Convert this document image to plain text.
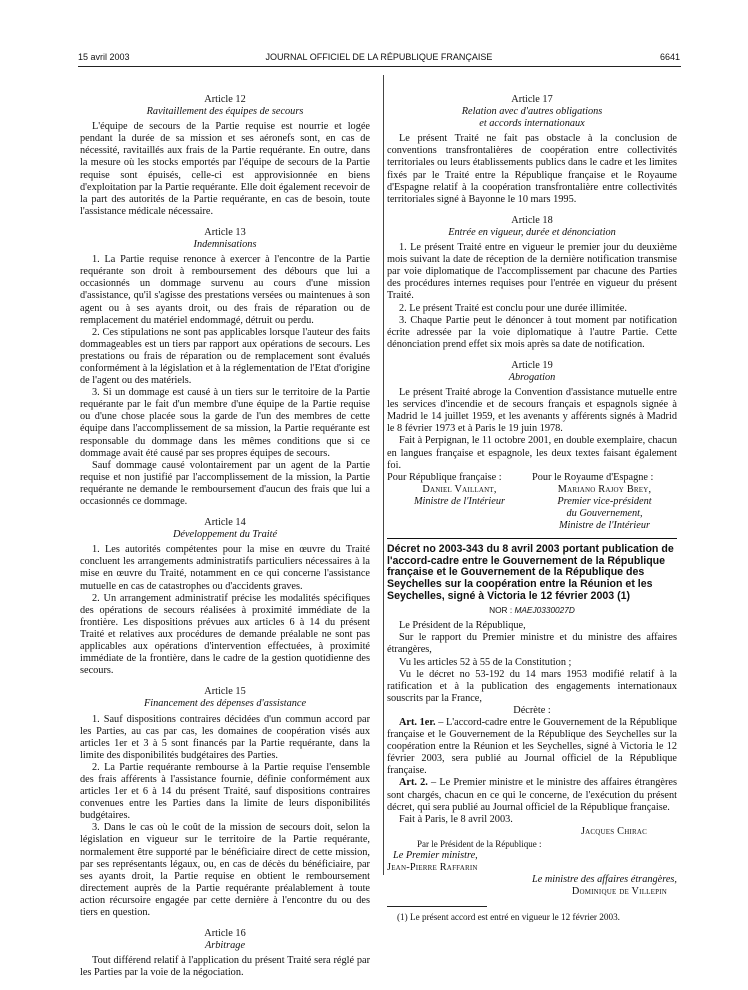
15 avril 2003	JOURNAL OFFICIEL DE LA RÉPUBLIQUE FRANÇAISE	6641

Article 12

Ravitaillement des équipes de secours

L'équipe de secours de la Partie requise est nourrie et logée pendant la durée de sa mission et ses aéronefs sont, en cas de nécessité, ravitaillés aux frais de la Partie requérante. En outre, dans la mesure où les stocks emportés par l'équipe de secours de la Partie requise sont épuisés, celle-ci est approvisionnée en biens d'exploitation par la Partie requérante. Elle doit également recevoir de la part des autorités de la Partie requérante, en cas de besoin, toute l'assistance médicale nécessaire.

Article 13

Indemnisations

1. La Partie requise renonce à exercer à l'encontre de la Partie requérante son droit à remboursement des débours que lui a occasionnés un dommage survenu au cours d'une mission d'assistance, qu'il s'agisse des prestations versées ou maintenues à son agent ou à ses ayants droit, ou des frais de réparation ou de remplacement du matériel endommagé, détruit ou perdu.

2. Ces stipulations ne sont pas applicables lorsque l'auteur des faits dommageables est un tiers par rapport aux opérations de secours. Les prestations ou frais de réparation ou de remplacement sont évalués conformément à la législation et à la réglementation de l'Etat d'origine de l'agent ou des matériels.

3. Si un dommage est causé à un tiers sur le territoire de la Partie requérante par le fait d'un membre d'une équipe de la Partie requise ou d'une chose placée sous la garde de l'un des membres de cette équipe dans l'accomplissement de sa mission, la Partie requérante est responsable du dommage dans les mêmes conditions que si ce dommage avait été causé par ses propres équipes de secours.

Sauf dommage causé volontairement par un agent de la Partie requise et non justifié par l'accomplissement de la mission, la Partie requérante ne demande le remboursement d'aucun des frais que lui a occasionnés ce dommage.

Article 14

Développement du Traité

1. Les autorités compétentes pour la mise en œuvre du Traité concluent les arrangements administratifs particuliers nécessaires à la mise en œuvre du Traité, notamment en ce qui concerne l'assistance mutuelle en cas de catastrophes ou d'accidents graves.

2. Un arrangement administratif précise les modalités spécifiques des opérations de secours réalisées à proximité immédiate de la frontière. Les dispositions prévues aux articles 6 à 14 du présent Traité et relatives aux procédures de demande préalable ne sont pas applicables aux opérations d'intervention effectuées, à proximité immédiate de la frontière, dans le cadre de la gestion quotidienne des secours.

Article 15

Financement des dépenses d'assistance

1. Sauf dispositions contraires décidées d'un commun accord par les Parties, au cas par cas, les domaines de coopération visés aux articles 1er et 3 à 5 sont financés par la Partie requérante, dans la limite des disponibilités budgétaires des Parties.

2. La Partie requérante rembourse à la Partie requise l'ensemble des frais afférents à l'assistance fournie, définie conformément aux articles 1er et 6 à 14 du présent Traité, sauf dispositions contraires convenues entre les Parties dans la limite de leurs disponibilités budgétaires.

3. Dans le cas où le coût de la mission de secours doit, selon la législation en vigueur sur le territoire de la Partie requérante, normalement être supporté par le bénéficiaire direct de cette mission, par ses représentants légaux, ou, en cas de décès du bénéficiaire, par ses ayants droit, la Partie requise en obtient le remboursement directement auprès de la Partie requérante préalablement à toute action récursoire engagée par cette dernière à l'encontre du ou des tiers en question.

Article 16

Arbitrage

Tout différend relatif à l'application du présent Traité sera réglé par les Parties par la voie de la négociation.

Article 17

Relation avec d'autres obligations

et accords internationaux

Le présent Traité ne fait pas obstacle à la conclusion de conventions transfrontalières de coopération entre collectivités territoriales ou leurs établissements publics dans le cadre et les limites fixés par le Traité entre la République française et le Royaume d'Espagne relatif à la coopération transfrontalière entre collectivités territoriales signé à Bayonne le 10 mars 1995.

Article 18

Entrée en vigueur, durée et dénonciation

1. Le présent Traité entre en vigueur le premier jour du deuxième mois suivant la date de réception de la dernière notification transmise par voie diplomatique de l'accomplissement par chacune des Parties des procédures internes requises pour l'entrée en vigueur du présent Traité.

2. Le présent Traité est conclu pour une durée illimitée.

3. Chaque Partie peut le dénoncer à tout moment par notification écrite adressée par la voie diplomatique à l'autre Partie. Cette dénonciation prend effet six mois après sa date de notification.

Article 19

Abrogation

Le présent Traité abroge la Convention d'assistance mutuelle entre les services d'incendie et de secours français et espagnols signée à Madrid le 14 juillet 1959, et les avenants y afférents signés à Madrid le 8 février 1973 et à Paris le 19 juin 1978.

Fait à Perpignan, le 11 octobre 2001, en double exemplaire, chacun en langues française et espagnole, les deux textes faisant également foi.

Pour République française :
Daniel Vaillant,
Ministre de l'Intérieur
Pour le Royaume d'Espagne :
Mariano Rajoy Brey,
Premier vice-président
du Gouvernement,
Ministre de l'Intérieur

Décret no 2003-343 du 8 avril 2003 portant publication de l'accord-cadre entre le Gouvernement de la République française et le Gouvernement de la République des Seychelles sur la coopération entre la Réunion et les Seychelles, signé à Victoria le 12 février 2003 (1)

NOR : MAEJ0330027D

Le Président de la République,

Sur le rapport du Premier ministre et du ministre des affaires étrangères,

Vu les articles 52 à 55 de la Constitution ;

Vu le décret no 53-192 du 14 mars 1953 modifié relatif à la ratification et à la publication des engagements internationaux souscrits par la France,

Décrète :

Art. 1er. – L'accord-cadre entre le Gouvernement de la République française et le Gouvernement de la République des Seychelles sur la coopération entre la Réunion et les Seychelles, signé à Victoria le 12 février 2003, sera publié au Journal officiel de la République française.

Art. 2. – Le Premier ministre et le ministre des affaires étrangères sont chargés, chacun en ce qui le concerne, de l'exécution du présent décret, qui sera publié au Journal officiel de la République française.

Fait à Paris, le 8 avril 2003.

Jacques Chirac

Par le Président de la République :

Le Premier ministre,

Jean-Pierre Raffarin

Le ministre des affaires étrangères,

Dominique de Villepin

(1) Le présent accord est entré en vigueur le 12 février 2003.
